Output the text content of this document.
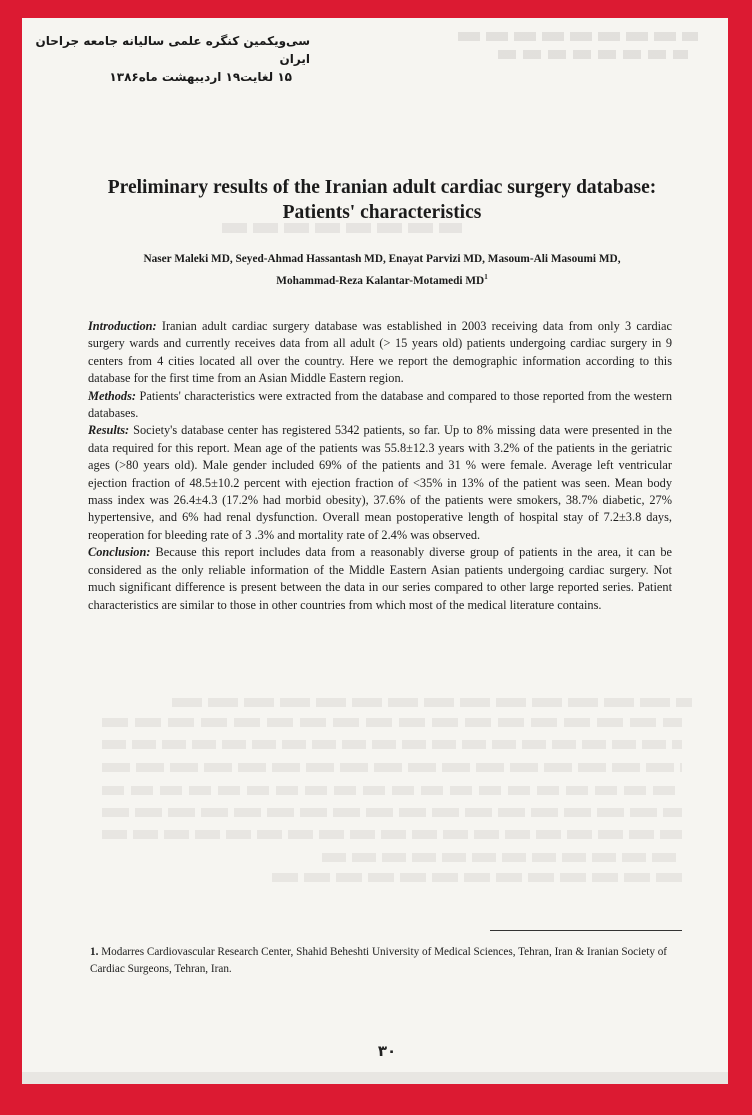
سی‌ویکمین کنگره علمی سالیانه جامعه جراحان ایران
۱۵ لغایت۱۹ اردیبهشت ماه۱۳۸۶
Preliminary results of the Iranian adult cardiac surgery database: Patients' characteristics
Naser Maleki MD, Seyed-Ahmad Hassantash MD, Enayat Parvizi MD, Masoum-Ali Masoumi MD,
Mohammad-Reza Kalantar-Motamedi $MD^1$

Introduction: Iranian adult cardiac surgery database was established in 2003 receiving data from only 3 cardiac surgery wards and currently receives data from all adult (> 15 years old) patients undergoing cardiac surgery in 9 centers from 4 cities located all over the country. Here we report the demographic information according to this database for the first time from an Asian Middle Eastern region.

Methods: Patients' characteristics were extracted from the database and compared to those reported from the western databases.

Results: Society's database center has registered 5342 patients, so far. Up to 8% missing data were presented in the data required for this report. Mean age of the patients was 55.8±12.3 years with 3.2% of the patients in the geriatric ages (>80 years old). Male gender included 69% of the patients and 31 % were female. Average left ventricular ejection fraction of 48.5±10.2 percent with ejection fraction of <35% in 13% of the patient was seen. Mean body mass index was 26.4±4.3 (17.2% had morbid obesity), 37.6% of the patients were smokers, 38.7% diabetic, 27% hypertensive, and 6% had renal dysfunction. Overall mean postoperative length of hospital stay of 7.2±3.8 days, reoperation for bleeding rate of 3 .3% and mortality rate of 2.4% was observed.

Conclusion: Because this report includes data from a reasonably diverse group of patients in the area, it can be considered as the only reliable information of the Middle Eastern Asian patients undergoing cardiac surgery. Not much significant difference is present between the data in our series compared to other large reported series. Patient characteristics are similar to those in other countries from which most of the medical literature contains.

1. Modarres Cardiovascular Research Center, Shahid Beheshti University of Medical Sciences, Tehran, Iran & Iranian Society of Cardiac Surgeons, Tehran, Iran.
۳۰
